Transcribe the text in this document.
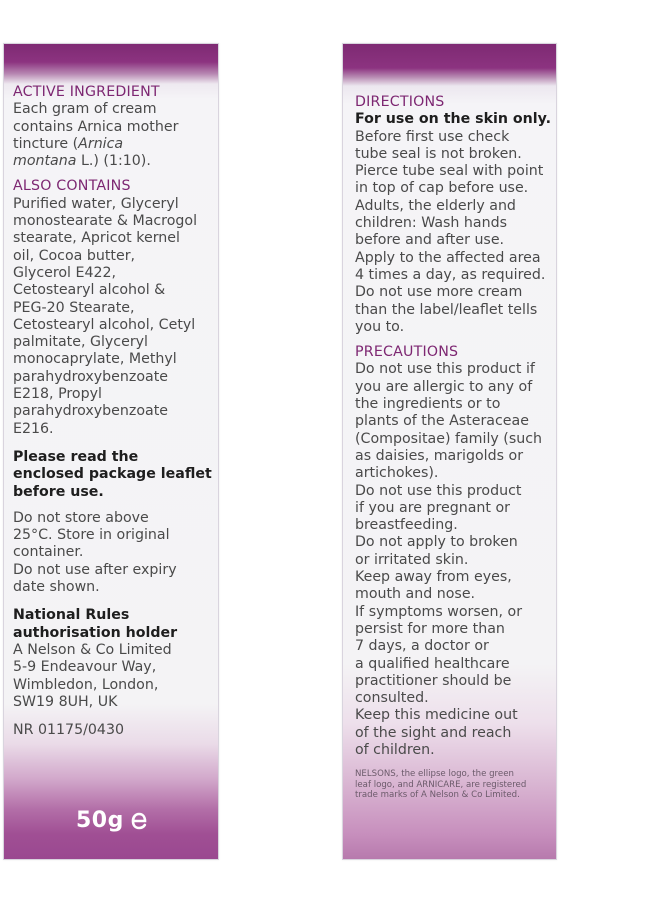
ACTIVE INGREDIENT

Each gram of cream
contains Arnica mother
tincture (Arnica
montana L.) (1:10).

ALSO CONTAINS

Purified water, Glyceryl
monostearate & Macrogol
stearate, Apricot kernel
oil, Cocoa butter,
Glycerol E422,
Cetostearyl alcohol &
PEG-20 Stearate,
Cetostearyl alcohol, Cetyl
palmitate, Glyceryl
monocaprylate, Methyl
parahydroxybenzoate
E218, Propyl
parahydroxybenzoate
E216.

Please read the
enclosed package leaflet
before use.

Do not store above
25°C. Store in original
container.
Do not use after expiry
date shown.

National Rules
authorisation holder

A Nelson & Co Limited
5-9 Endeavour Way,
Wimbledon, London,
SW19 8UH, UK

NR 01175/0430

50g

DIRECTIONS

For use on the skin only.

Before first use check
tube seal is not broken.
Pierce tube seal with point
in top of cap before use.
Adults, the elderly and
children: Wash hands
before and after use.
Apply to the affected area
4 times a day, as required.
Do not use more cream
than the label/leaflet tells
you to.

PRECAUTIONS

Do not use this product if
you are allergic to any of
the ingredients or to
plants of the Asteraceae
(Compositae) family (such
as daisies, marigolds or
artichokes).
Do not use this product
if you are pregnant or
breastfeeding.
Do not apply to broken
or irritated skin.
Keep away from eyes,
mouth and nose.
If symptoms worsen, or
persist for more than
7 days, a doctor or
a qualified healthcare
practitioner should be
consulted.
Keep this medicine out
of the sight and reach
of children.

NELSONS, the ellipse logo, the green
leaf logo, and ARNICARE, are registered
trade marks of A Nelson & Co Limited.
